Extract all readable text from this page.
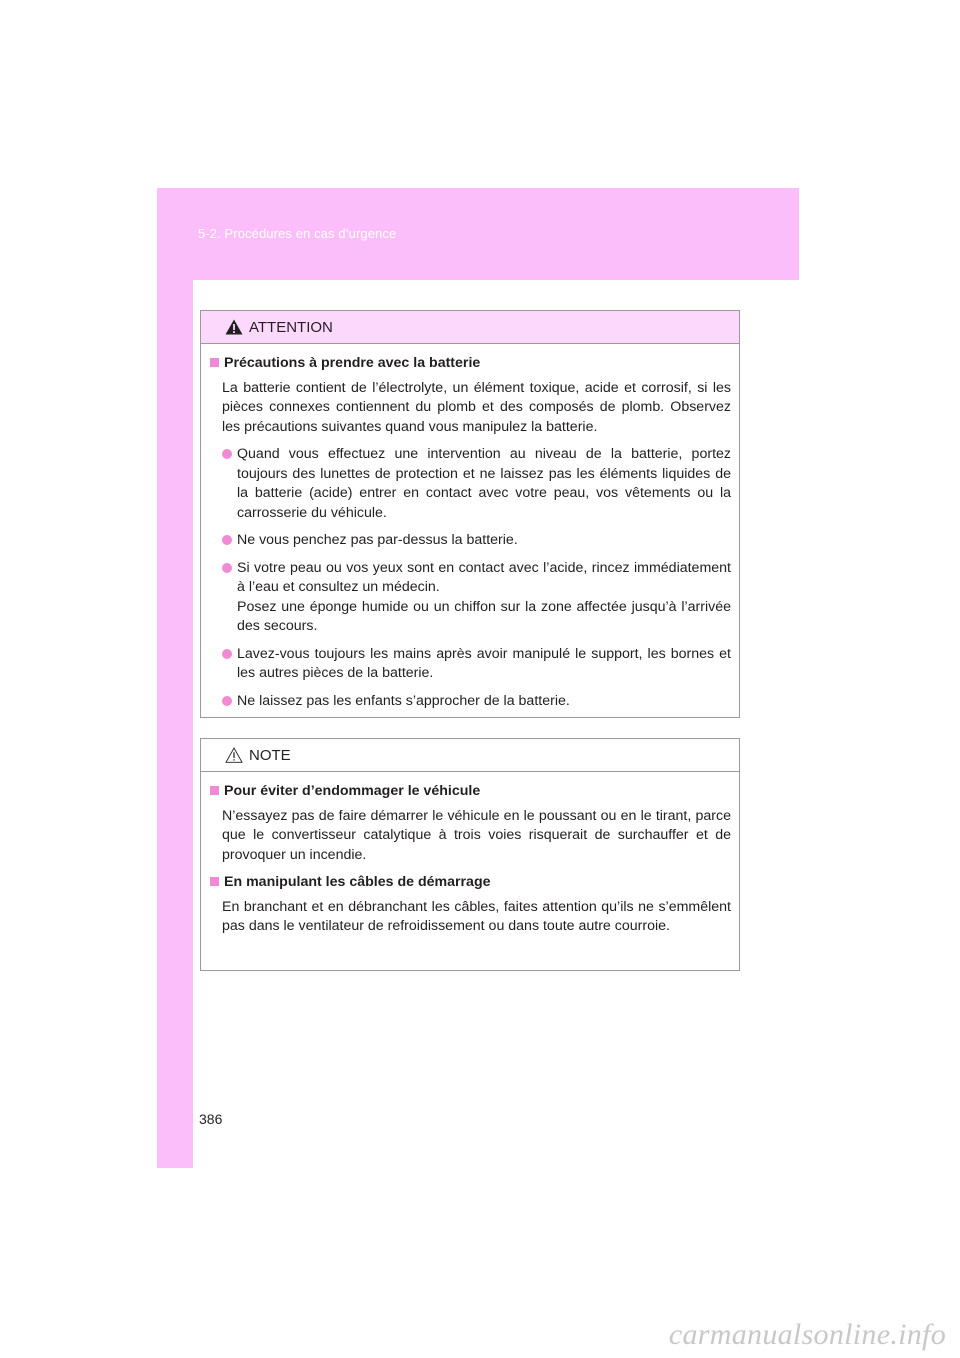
5-2. Procédures en cas d’urgence
ATTENTION
Précautions à prendre avec la batterie
La batterie contient de l’électrolyte, un élément toxique, acide et corrosif, si les pièces connexes contiennent du plomb et des composés de plomb. Observez les précautions suivantes quand vous manipulez la batterie.
Quand vous effectuez une intervention au niveau de la batterie, portez toujours des lunettes de protection et ne laissez pas les éléments liquides de la batterie (acide) entrer en contact avec votre peau, vos vêtements ou la carrosserie du véhicule.
Ne vous penchez pas par-dessus la batterie.
Si votre peau ou vos yeux sont en contact avec l’acide, rincez immédiatement à l’eau et consultez un médecin.
Posez une éponge humide ou un chiffon sur la zone affectée jusqu’à l’arrivée des secours.
Lavez-vous toujours les mains après avoir manipulé le support, les bornes et les autres pièces de la batterie.
Ne laissez pas les enfants s’approcher de la batterie.
NOTE
Pour éviter d’endommager le véhicule
N’essayez pas de faire démarrer le véhicule en le poussant ou en le tirant, parce que le convertisseur catalytique à trois voies risquerait de surchauffer et de provoquer un incendie.
En manipulant les câbles de démarrage
En branchant et en débranchant les câbles, faites attention qu’ils ne s’emmêlent pas dans le ventilateur de refroidissement ou dans toute autre courroie.
386
carmanualsonline.info
